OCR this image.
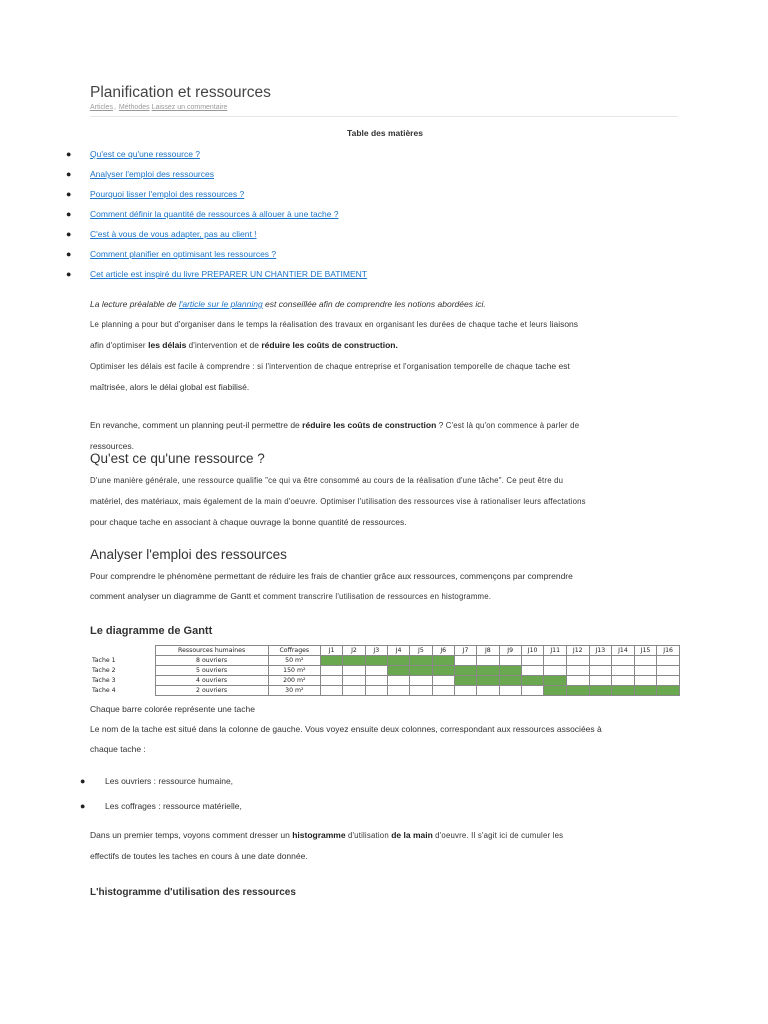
Planification et ressources
Articles, Méthodes Laissez un commentaire
Table des matières
● Qu'est ce qu'une ressource ?
● Analyser l'emploi des ressources
● Pourquoi lisser l'emploi des ressources ?
● Comment définir la quantité de ressources à allouer à une tache ?
● C'est à vous de vous adapter, pas au client !
● Comment planifier en optimisant les ressources ?
● Cet article est inspiré du livre PREPARER UN CHANTIER DE BATIMENT
La lecture préalable de l'article sur le planning est conseillée afin de comprendre les notions abordées ici.
Le planning a pour but d'organiser dans le temps la réalisation des travaux en organisant les durées de chaque tache et leurs liaisons
afin d'optimiser les délais d'intervention et de réduire les coûts de construction.
Optimiser les délais est facile à comprendre : si l'intervention de chaque entreprise et l'organisation temporelle de chaque tache est
maîtrisée, alors le délai global est fiabilisé.
En revanche, comment un planning peut-il permettre de réduire les coûts de construction ? C'est là qu'on commence à parler de
ressources.
Qu'est ce qu'une ressource ?
D'une manière générale, une ressource qualifie "ce qui va être consommé au cours de la réalisation d'une tâche". Ce peut être du
matériel, des matériaux, mais également de la main d'oeuvre. Optimiser l'utilisation des ressources vise à rationaliser leurs affectations
pour chaque tache en associant à chaque ouvrage la bonne quantité de ressources.
Analyser l'emploi des ressources
Pour comprendre le phénomène permettant de réduire les frais de chantier grâce aux ressources, commençons par comprendre
comment analyser un diagramme de Gantt et comment transcrire l'utilisation de ressources en histogramme.
Le diagramme de Gantt
	Ressources humaines	Coffrages	J1	J2	J3	J4	J5	J6	J7	J8	J9	J10	J11	J12	J13	J14	J15	J16
Tache 1	8 ouvriers	50 m²																
Tache 2	5 ouvriers	150 m²																
Tache 3	4 ouvriers	200 m²																
Tache 4	2 ouvriers	30 m²																
Chaque barre colorée représente une tache
Le nom de la tache est situé dans la colonne de gauche. Vous voyez ensuite deux colonnes, correspondant aux ressources associées à
chaque tache :
● Les ouvriers : ressource humaine,
● Les coffrages : ressource matérielle,
Dans un premier temps, voyons comment dresser un histogramme d'utilisation de la main d'oeuvre. Il s'agit ici de cumuler les
effectifs de toutes les taches en cours à une date donnée.
L'histogramme d'utilisation des ressources
